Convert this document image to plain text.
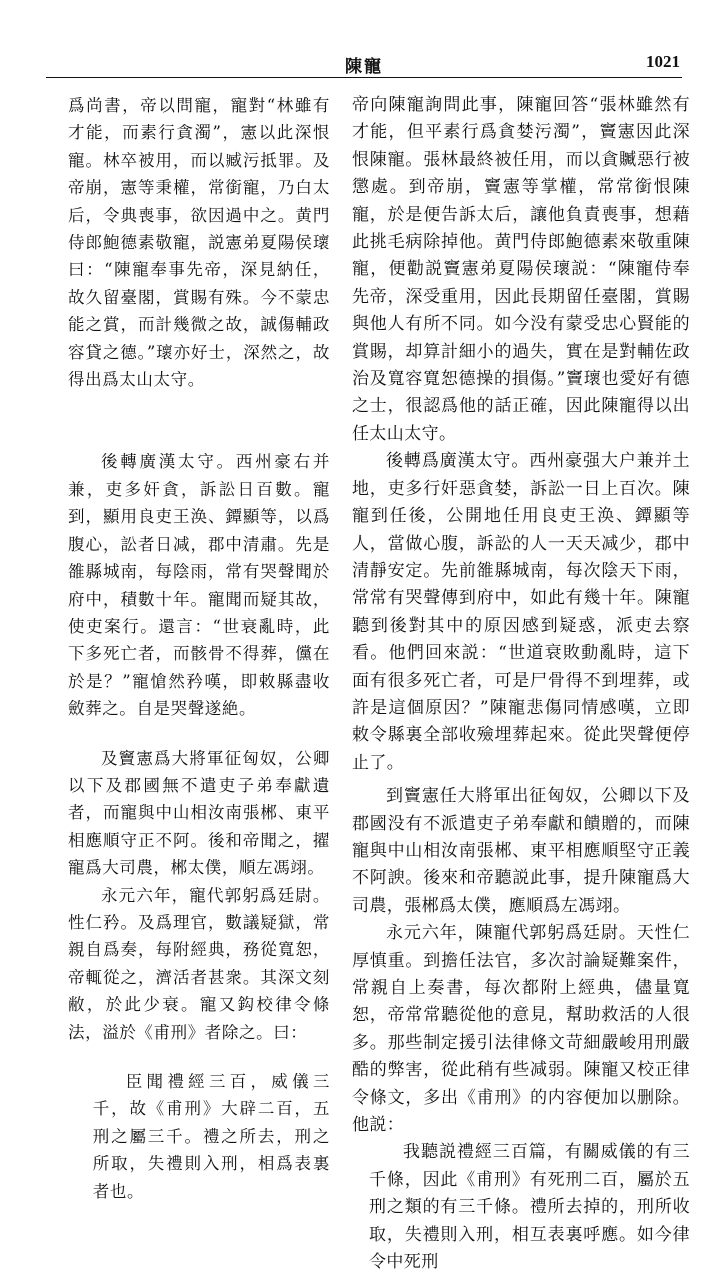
陳寵	1021

爲尚書，帝以問寵，寵對“林雖有才能，而素行貪濁”，憲以此深恨寵。林卒被用，而以臧污抵罪。及帝崩，憲等秉權，常銜寵，乃白太后，令典喪事，欲因過中之。黄門侍郎鮑德素敬寵，説憲弟夏陽侯瓌曰：“陳寵奉事先帝，深見納任，故久留臺閣，賞賜有殊。今不蒙忠能之賞，而計幾微之故，誠傷輔政容貸之德。”瓌亦好士，深然之，故得出爲太山太守。

後轉廣漢太守。西州豪右并兼，吏多奸貪，訴訟日百數。寵到，顯用良吏王涣、鐔顯等，以爲腹心，訟者日减，郡中清肅。先是雒縣城南，每陰雨，常有哭聲聞於府中，積數十年。寵聞而疑其故，使吏案行。還言：“世衰亂時，此下多死亡者，而骸骨不得葬，儻在於是？”寵愴然矜嘆，即敕縣盡收斂葬之。自是哭聲遂絶。

及竇憲爲大將軍征匈奴，公卿以下及郡國無不遣吏子弟奉獻遺者，而寵與中山相汝南張郴、東平相應順守正不阿。後和帝聞之，擢寵爲大司農，郴太僕，順左馮翊。

永元六年，寵代郭躬爲廷尉。性仁矜。及爲理官，數議疑獄，常親自爲奏，每附經典，務從寬恕，帝輒從之，濟活者甚衆。其深文刻敝，於此少衰。寵又鈎校律令條法，溢於《甫刑》者除之。曰：

臣聞禮經三百，威儀三千，故《甫刑》大辟二百，五刑之屬三千。禮之所去，刑之所取，失禮則入刑，相爲表裏者也。

帝向陳寵詢問此事，陳寵回答“張林雖然有才能，但平素行爲貪婪污濁”，竇憲因此深恨陳寵。張林最終被任用，而以貪贓惡行被懲處。到帝崩，竇憲等掌權，常常銜恨陳寵，於是便告訴太后，讓他負責喪事，想藉此挑毛病除掉他。黄門侍郎鮑德素來敬重陳寵，便勸説竇憲弟夏陽侯瓌説：“陳寵侍奉先帝，深受重用，因此長期留任臺閣，賞賜與他人有所不同。如今没有蒙受忠心賢能的賞賜，却算計細小的過失，實在是對輔佐政治及寬容寬恕德操的損傷。”竇瓌也愛好有德之士，很認爲他的話正確，因此陳寵得以出任太山太守。

後轉爲廣漢太守。西州豪强大户兼并土地，吏多行奸惡貪婪，訴訟一日上百次。陳寵到任後，公開地任用良吏王涣、鐔顯等人，當做心腹，訴訟的人一天天减少，郡中清靜安定。先前雒縣城南，每次陰天下雨，常常有哭聲傳到府中，如此有幾十年。陳寵聽到後對其中的原因感到疑惑，派吏去察看。他們回來説：“世道衰敗動亂時，這下面有很多死亡者，可是尸骨得不到埋葬，或許是這個原因？”陳寵悲傷同情感嘆，立即敕令縣裏全部收殮埋葬起來。從此哭聲便停止了。

到竇憲任大將軍出征匈奴，公卿以下及郡國没有不派遣吏子弟奉獻和饋贈的，而陳寵與中山相汝南張郴、東平相應順堅守正義不阿諛。後來和帝聽説此事，提升陳寵爲大司農，張郴爲太僕，應順爲左馮翊。

永元六年，陳寵代郭躬爲廷尉。天性仁厚慎重。到擔任法官，多次討論疑難案件，常親自上奏書，每次都附上經典，儘量寬恕，帝常常聽從他的意見，幫助救活的人很多。那些制定援引法律條文苛細嚴峻用刑嚴酷的弊害，從此稍有些减弱。陳寵又校正律令條文，多出《甫刑》的内容便加以删除。他説：

我聽説禮經三百篇，有關威儀的有三千條，因此《甫刑》有死刑二百，屬於五刑之類的有三千條。禮所去掉的，刑所收取，失禮則入刑，相互表裏呼應。如今律令中死刑
